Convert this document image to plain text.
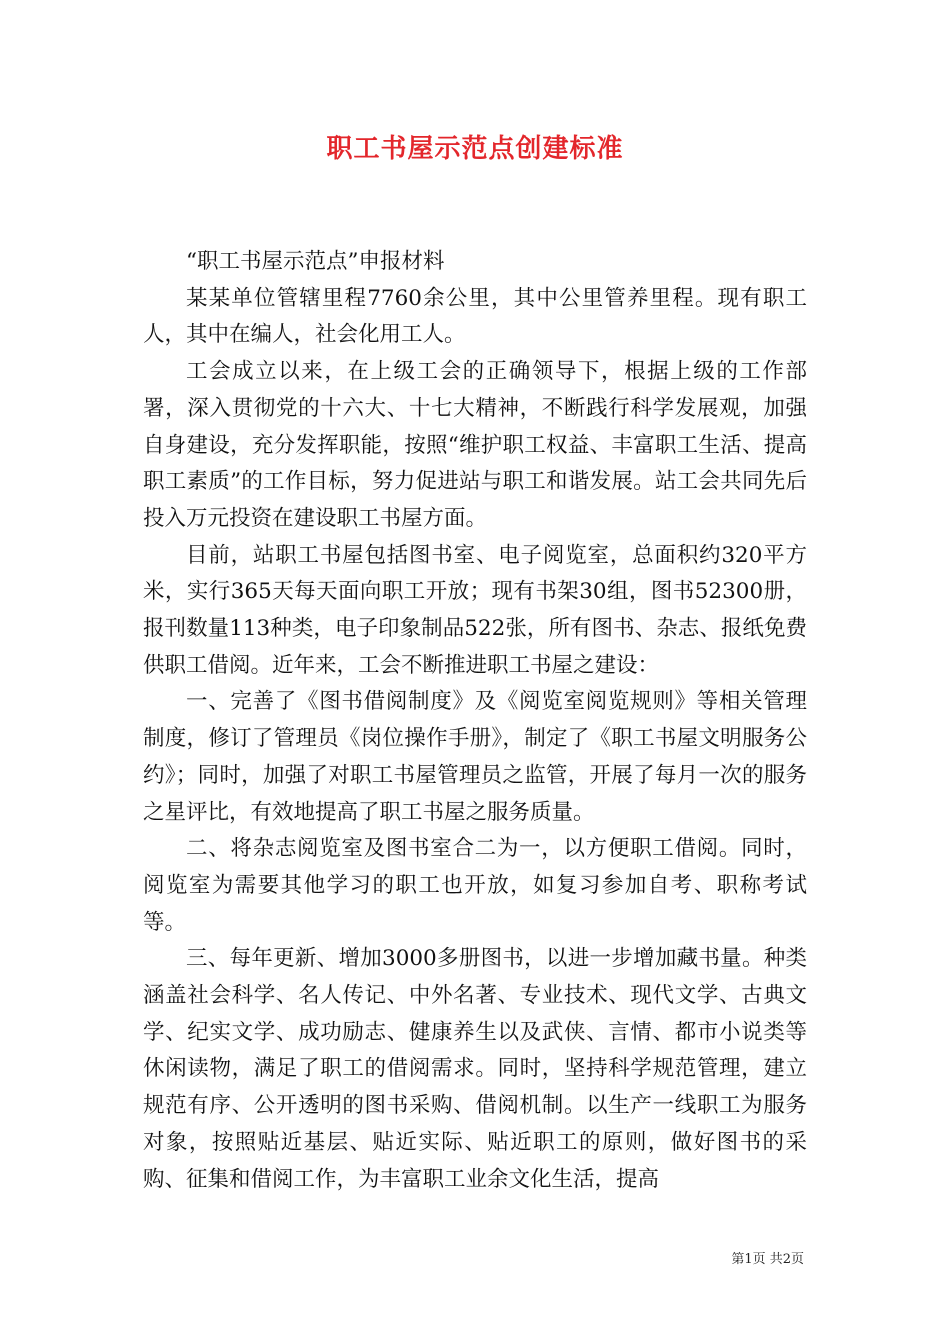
职工书屋示范点创建标准

“职工书屋示范点”申报材料

某某单位管辖里程7760余公里，其中公里管养里程。现有职工人，其中在编人，社会化用工人。

工会成立以来，在上级工会的正确领导下，根据上级的工作部署，深入贯彻党的十六大、十七大精神，不断践行科学发展观，加强自身建设，充分发挥职能，按照“维护职工权益、丰富职工生活、提高职工素质”的工作目标，努力促进站与职工和谐发展。站工会共同先后投入万元投资在建设职工书屋方面。

目前，站职工书屋包括图书室、电子阅览室，总面积约320平方米，实行365天每天面向职工开放；现有书架30组，图书52300册，报刊数量113种类，电子印象制品522张，所有图书、杂志、报纸免费供职工借阅。近年来，工会不断推进职工书屋之建设：

一、完善了《图书借阅制度》及《阅览室阅览规则》等相关管理制度，修订了管理员《岗位操作手册》，制定了《职工书屋文明服务公约》；同时，加强了对职工书屋管理员之监管，开展了每月一次的服务之星评比，有效地提高了职工书屋之服务质量。

二、将杂志阅览室及图书室合二为一，以方便职工借阅。同时，阅览室为需要其他学习的职工也开放，如复习参加自考、职称考试等。

三、每年更新、增加3000多册图书，以进一步增加藏书量。种类涵盖社会科学、名人传记、中外名著、专业技术、现代文学、古典文学、纪实文学、成功励志、健康养生以及武侠、言情、都市小说类等休闲读物，满足了职工的借阅需求。同时，坚持科学规范管理，建立规范有序、公开透明的图书采购、借阅机制。以生产一线职工为服务对象，按照贴近基层、贴近实际、贴近职工的原则，做好图书的采购、征集和借阅工作，为丰富职工业余文化生活，提高

第1页 共2页
